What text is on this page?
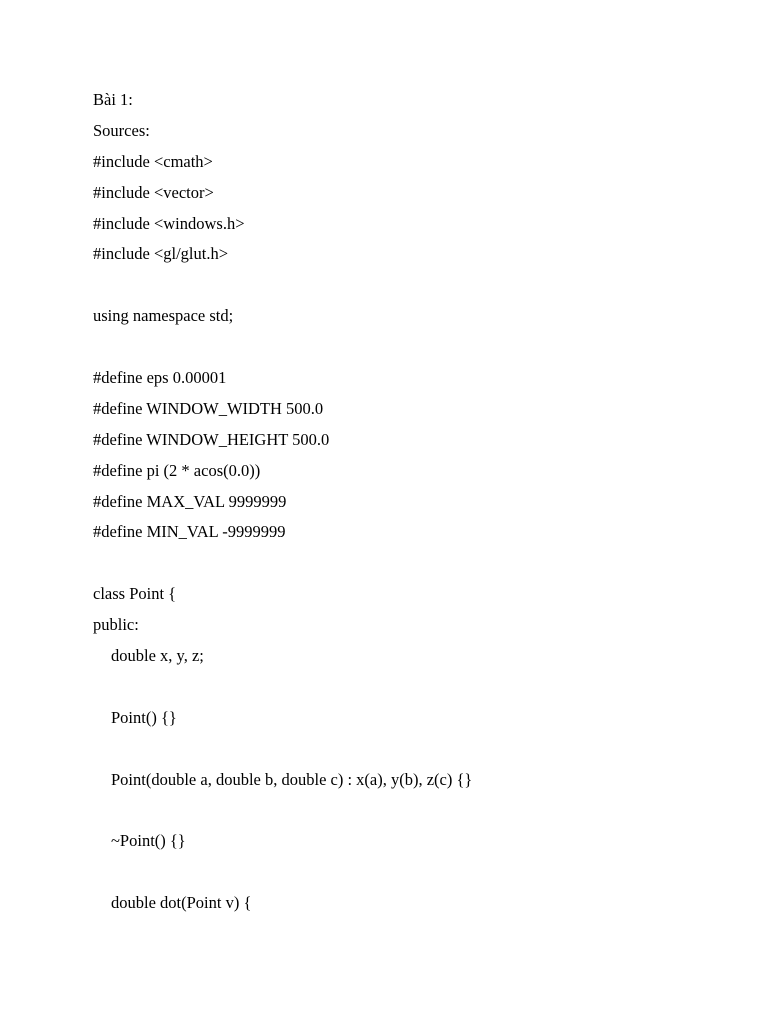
Bài 1:
Sources:
#include <cmath>
#include <vector>
#include <windows.h>
#include <gl/glut.h>
using namespace std;
#define eps 0.00001
#define WINDOW_WIDTH 500.0
#define WINDOW_HEIGHT 500.0
#define pi (2 * acos(0.0))
#define MAX_VAL 9999999
#define MIN_VAL -9999999
class Point {
public:
double x, y, z;
Point() {}
Point(double a, double b, double c) : x(a), y(b), z(c) {}
~Point() {}
double dot(Point v) {
